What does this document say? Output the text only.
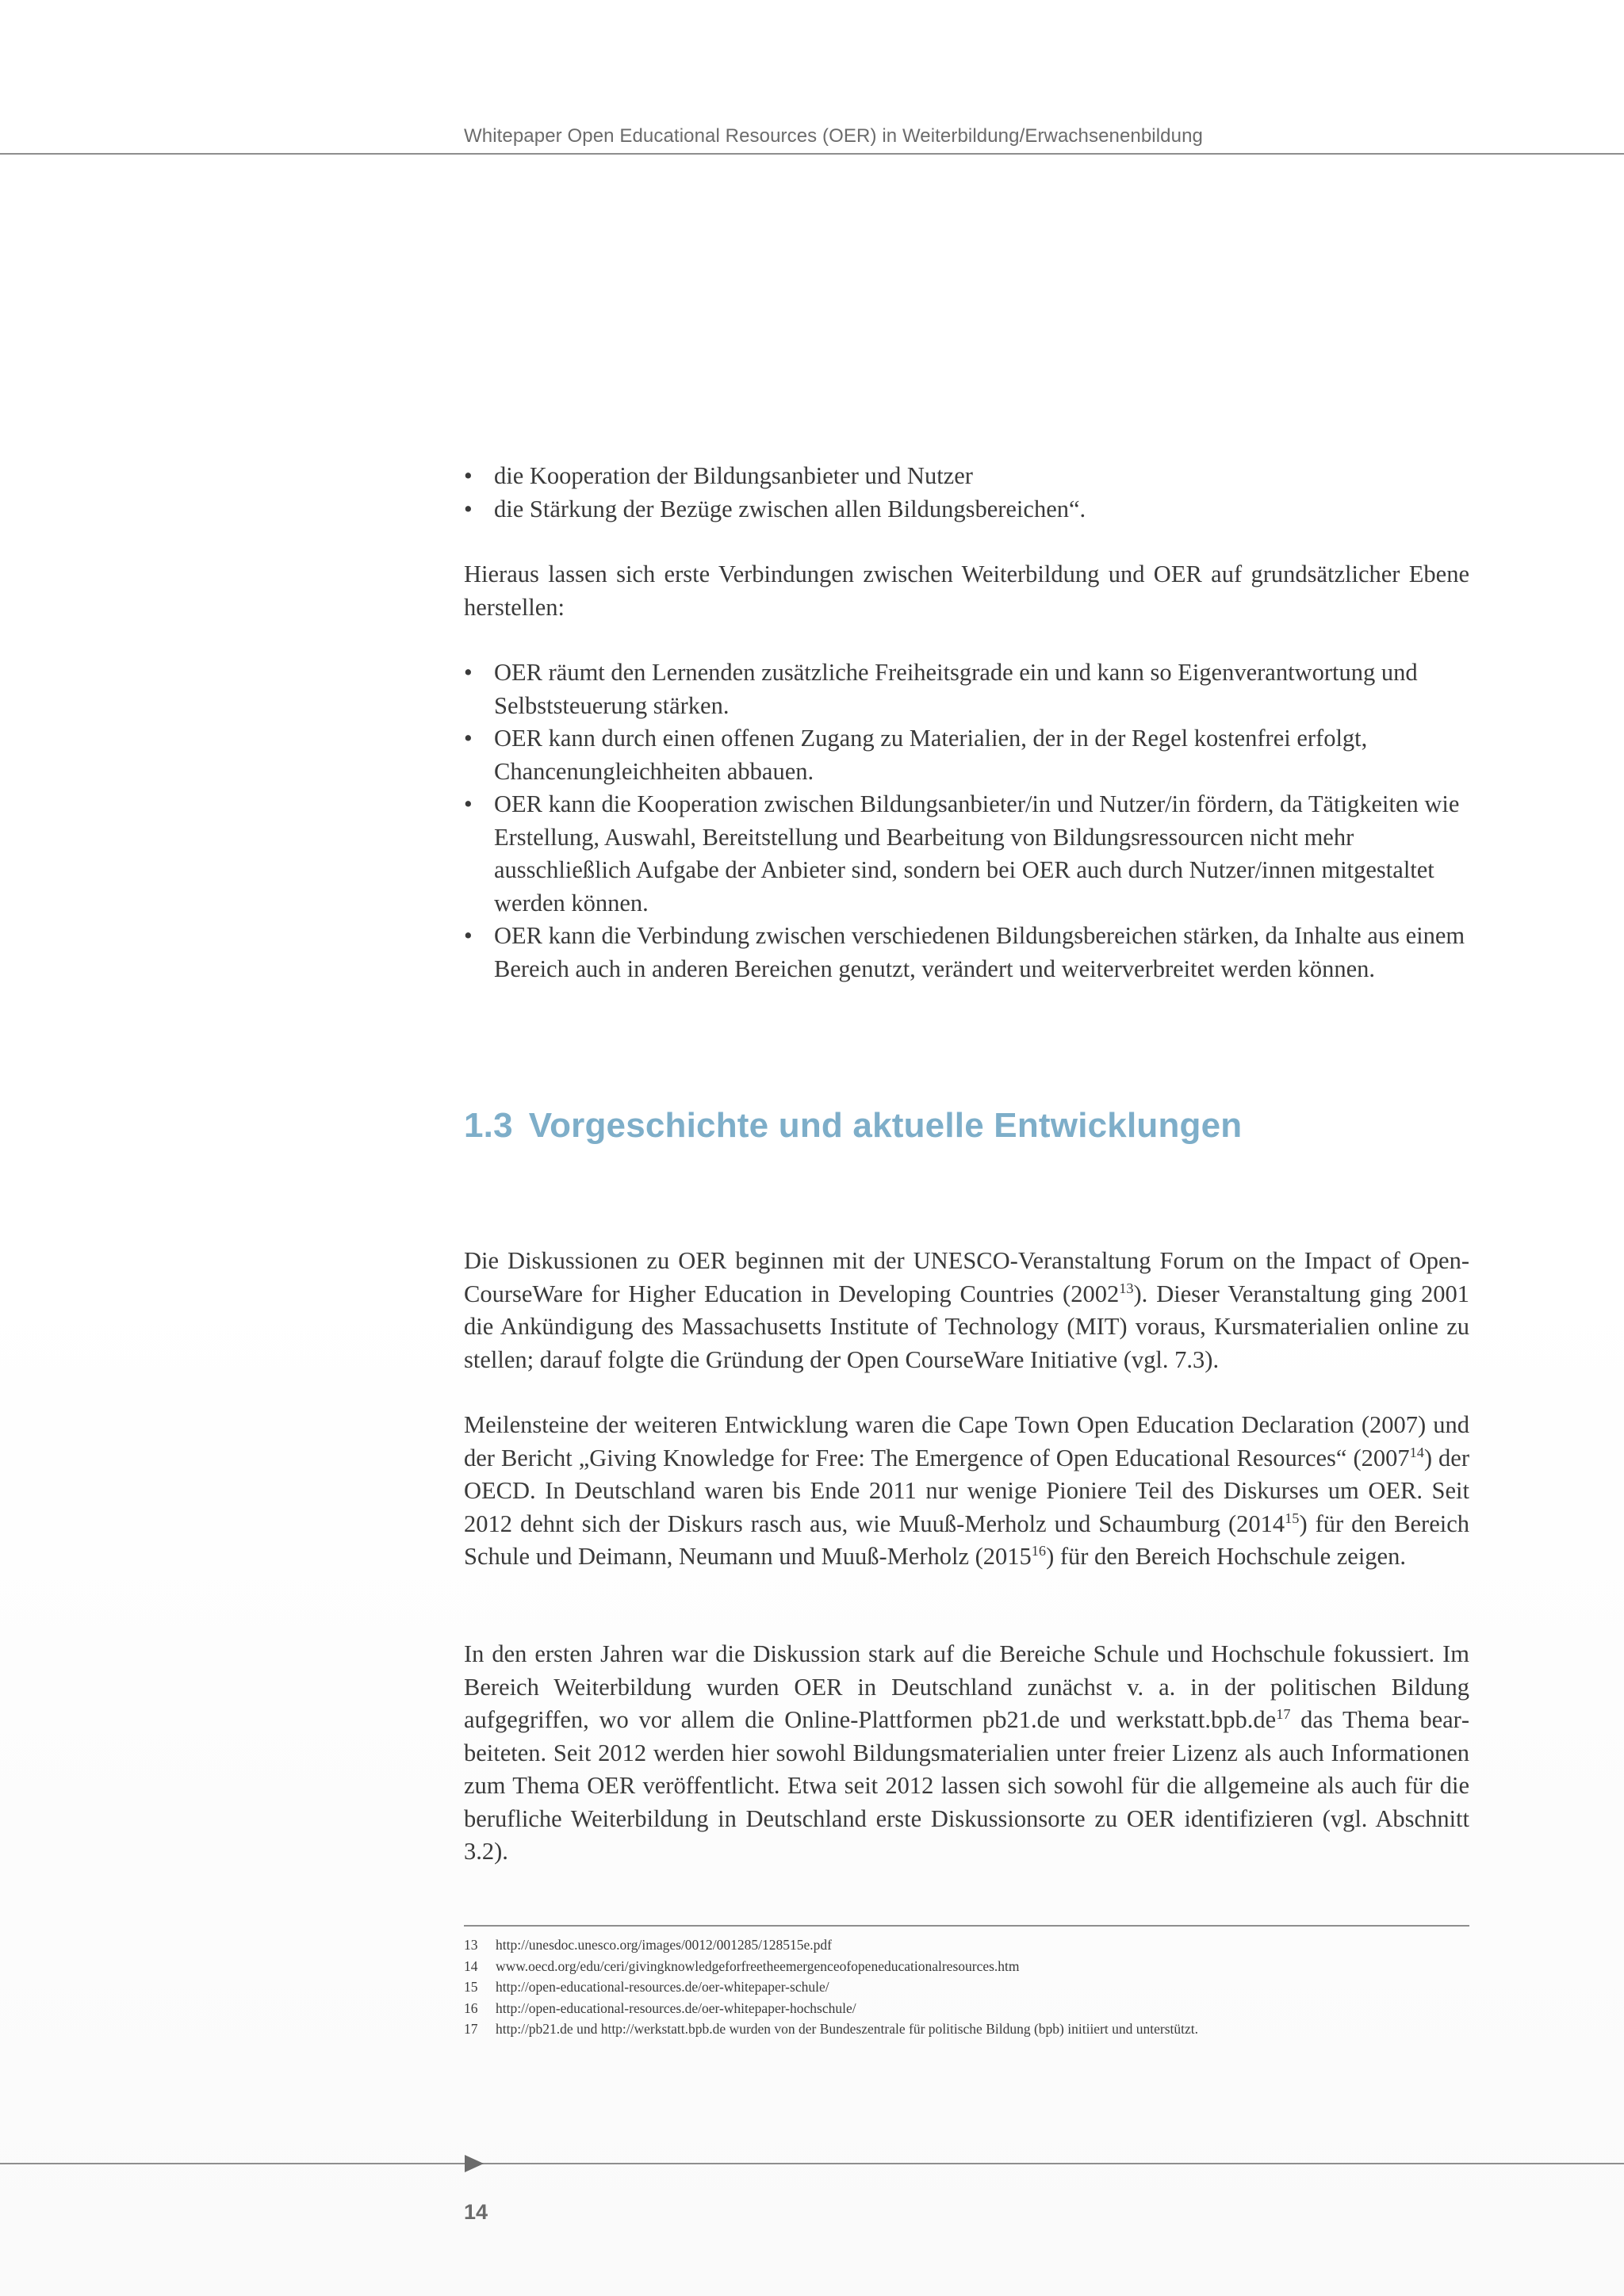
Whitepaper Open Educational Resources (OER) in Weiterbildung/Erwachsenenbildung
• die Kooperation der Bildungsanbieter und Nutzer
• die Stärkung der Bezüge zwischen allen Bildungsbereichen“.

Hieraus lassen sich erste Verbindungen zwischen Weiterbildung und OER auf grundsätzlicher Ebene herstellen:

• OER räumt den Lernenden zusätzliche Freiheitsgrade ein und kann so Eigenverantwortung und Selbststeuerung stärken.
• OER kann durch einen offenen Zugang zu Materialien, der in der Regel kostenfrei erfolgt, Chancenungleichheiten abbauen.
• OER kann die Kooperation zwischen Bildungsanbieter/in und Nutzer/in fördern, da Tätigkeiten wie Erstellung, Auswahl, Bereitstellung und Bearbeitung von Bildungsressourcen nicht mehr ausschließlich Aufgabe der Anbieter sind, sondern bei OER auch durch Nutzer/innen mitgestaltet werden können.
• OER kann die Verbindung zwischen verschiedenen Bildungsbereichen stärken, da Inhalte aus einem Bereich auch in anderen Bereichen genutzt, verändert und weiterverbreitet werden können.
1.3 Vorgeschichte und aktuelle Entwicklungen

Die Diskussionen zu OER beginnen mit der UNESCO-Veranstaltung Forum on the Impact of OpenCourseWare for Higher Education in Developing Countries (2002$^{13}$). Dieser Veranstaltung ging 2001 die Ankündigung des Massachusetts Institute of Technology (MIT) voraus, Kursmaterialien online zu stellen; darauf folgte die Gründung der Open CourseWare Initiative (vgl. 7.3).

Meilensteine der weiteren Entwicklung waren die Cape Town Open Education Declaration (2007) und der Bericht „Giving Knowledge for Free: The Emergence of Open Educational Resources“ (2007$^{14}$) der OECD. In Deutschland waren bis Ende 2011 nur wenige Pioniere Teil des Diskurses um OER. Seit 2012 dehnt sich der Diskurs rasch aus, wie Muuß-Merholz und Schaumburg (2014$^{15}$) für den Bereich Schule und Deimann, Neumann und Muuß-Merholz (2015$^{16}$) für den Bereich Hochschule zeigen.

In den ersten Jahren war die Diskussion stark auf die Bereiche Schule und Hochschule fokussiert. Im Bereich Weiterbildung wurden OER in Deutschland zunächst v. a. in der politischen Bildung aufgegriffen, wo vor allem die Online-Plattformen pb21.de und $werkstatt.bpb.de^{17}$ das Thema bearbeiteten. Seit 2012 werden hier sowohl Bildungsmaterialien unter freier Lizenz als auch Informationen zum Thema OER veröffentlicht. Etwa seit 2012 lassen sich sowohl für die allgemeine als auch für die berufliche Weiterbildung in Deutschland erste Diskussionsorte zu OER identifizieren (vgl. Abschnitt 3.2).

13	http://unesdoc.unesco.org/images/0012/001285/128515e.pdf
14	www.oecd.org/edu/ceri/givingknowledgeforfreetheemergenceofopeneducationalresources.htm
15	http://open-educational-resources.de/oer-whitepaper-schule/
16	http://open-educational-resources.de/oer-whitepaper-hochschule/
17	http://pb21.de und http://werkstatt.bpb.de wurden von der Bundeszentrale für politische Bildung (bpb) initiiert und unterstützt.
14
